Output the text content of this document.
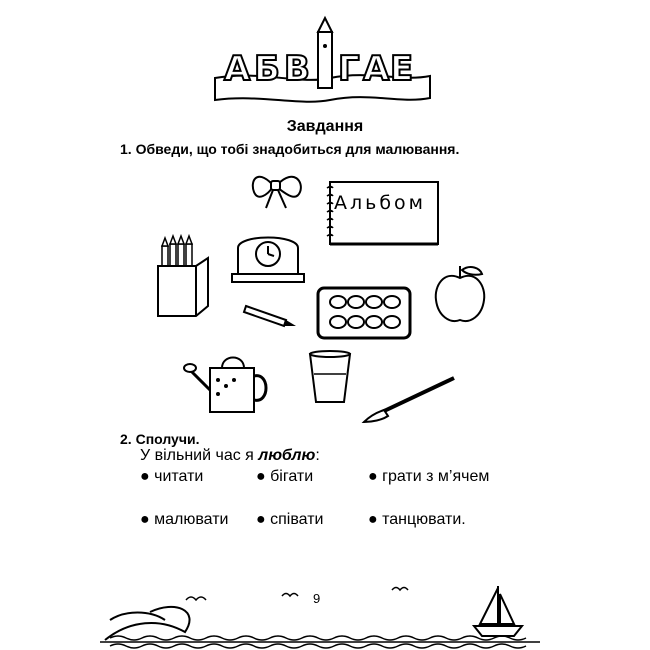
А Б В Г А Е
Завдання
1. Обведи, що тобі знадобиться для малювання.
Альбом
2. Сполучи.
У вільний час я люблю:
● читати	● бігати	● грати з м’ячем
● малювати ● співати	● танцювати.
9
